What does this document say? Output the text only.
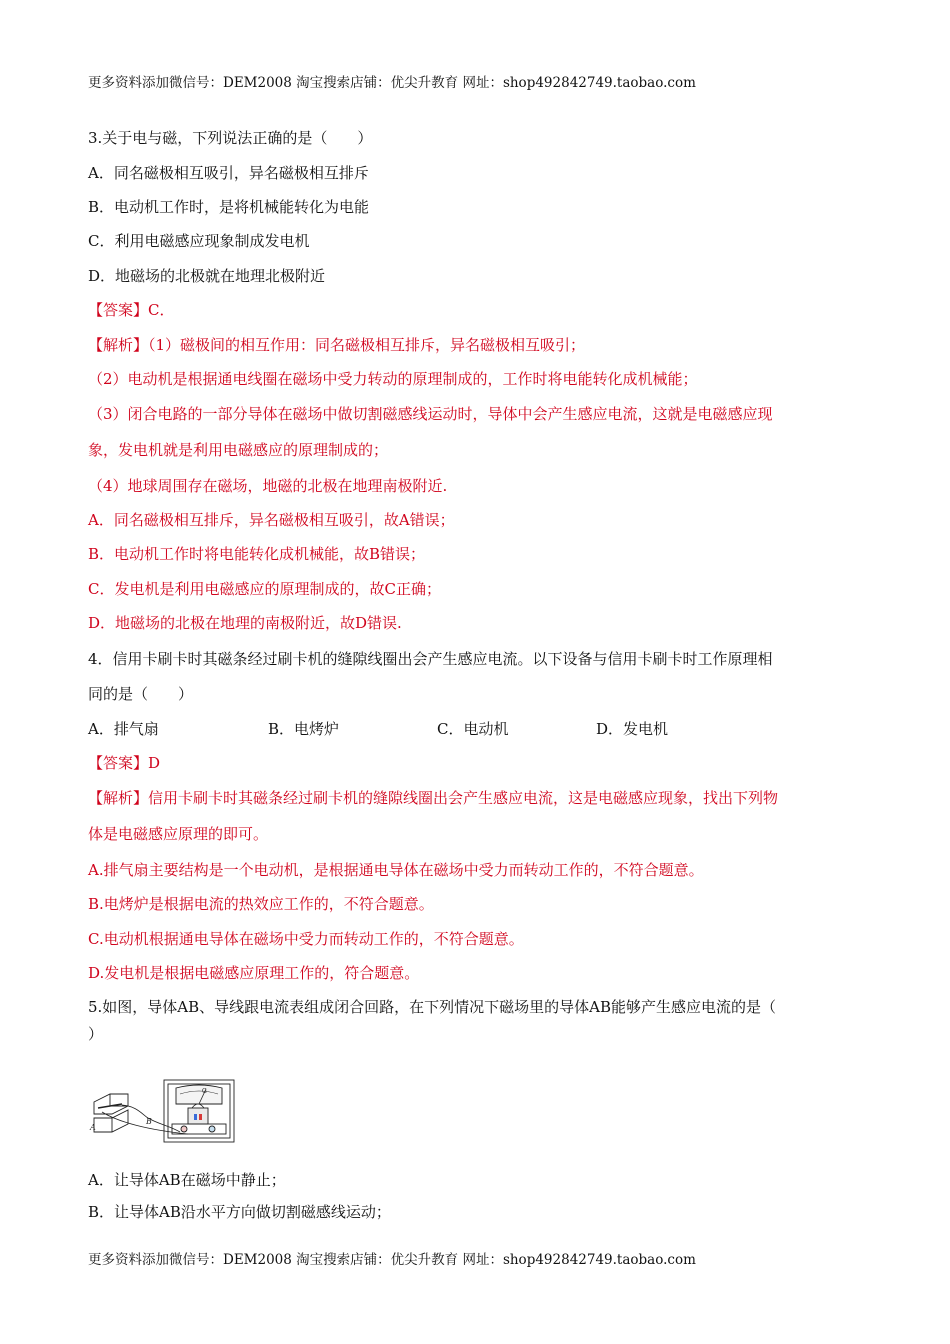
更多资料添加微信号：DEM2008 淘宝搜索店铺：优尖升教育 网址：shop492842749.taobao.com
3.关于电与磁，下列说法正确的是（　　）
A．同名磁极相互吸引，异名磁极相互排斥
B．电动机工作时，是将机械能转化为电能
C．利用电磁感应现象制成发电机
D．地磁场的北极就在地理北极附近
【答案】C．
【解析】（1）磁极间的相互作用：同名磁极相互排斥，异名磁极相互吸引；
（2）电动机是根据通电线圈在磁场中受力转动的原理制成的，工作时将电能转化成机械能；
（3）闭合电路的一部分导体在磁场中做切割磁感线运动时，导体中会产生感应电流，这就是电磁感应现
象，发电机就是利用电磁感应的原理制成的；
（4）地球周围存在磁场，地磁的北极在地理南极附近.
A．同名磁极相互排斥，异名磁极相互吸引，故A错误；
B．电动机工作时将电能转化成机械能，故B错误；
C．发电机是利用电磁感应的原理制成的，故C正确；
D．地磁场的北极在地理的南极附近，故D错误.
4．信用卡刷卡时其磁条经过刷卡机的缝隙线圈出会产生感应电流。以下设备与信用卡刷卡时工作原理相
同的是（　　）
A．排气扇	B．电烤炉	C．电动机	D．发电机
【答案】D
【解析】信用卡刷卡时其磁条经过刷卡机的缝隙线圈出会产生感应电流，这是电磁感应现象，找出下列物
体是电磁感应原理的即可。
A.排气扇主要结构是一个电动机，是根据通电导体在磁场中受力而转动工作的，不符合题意。
B.电烤炉是根据电流的热效应工作的，不符合题意。
C.电动机根据通电导体在磁场中受力而转动工作的，不符合题意。
D.发电机是根据电磁感应原理工作的，符合题意。
5.如图，导体AB、导线跟电流表组成闭合回路，在下列情况下磁场里的导体AB能够产生感应电流的是（
）
A
B
G
A．让导体AB在磁场中静止；
B．让导体AB沿水平方向做切割磁感线运动；
更多资料添加微信号：DEM2008 淘宝搜索店铺：优尖升教育 网址：shop492842749.taobao.com
